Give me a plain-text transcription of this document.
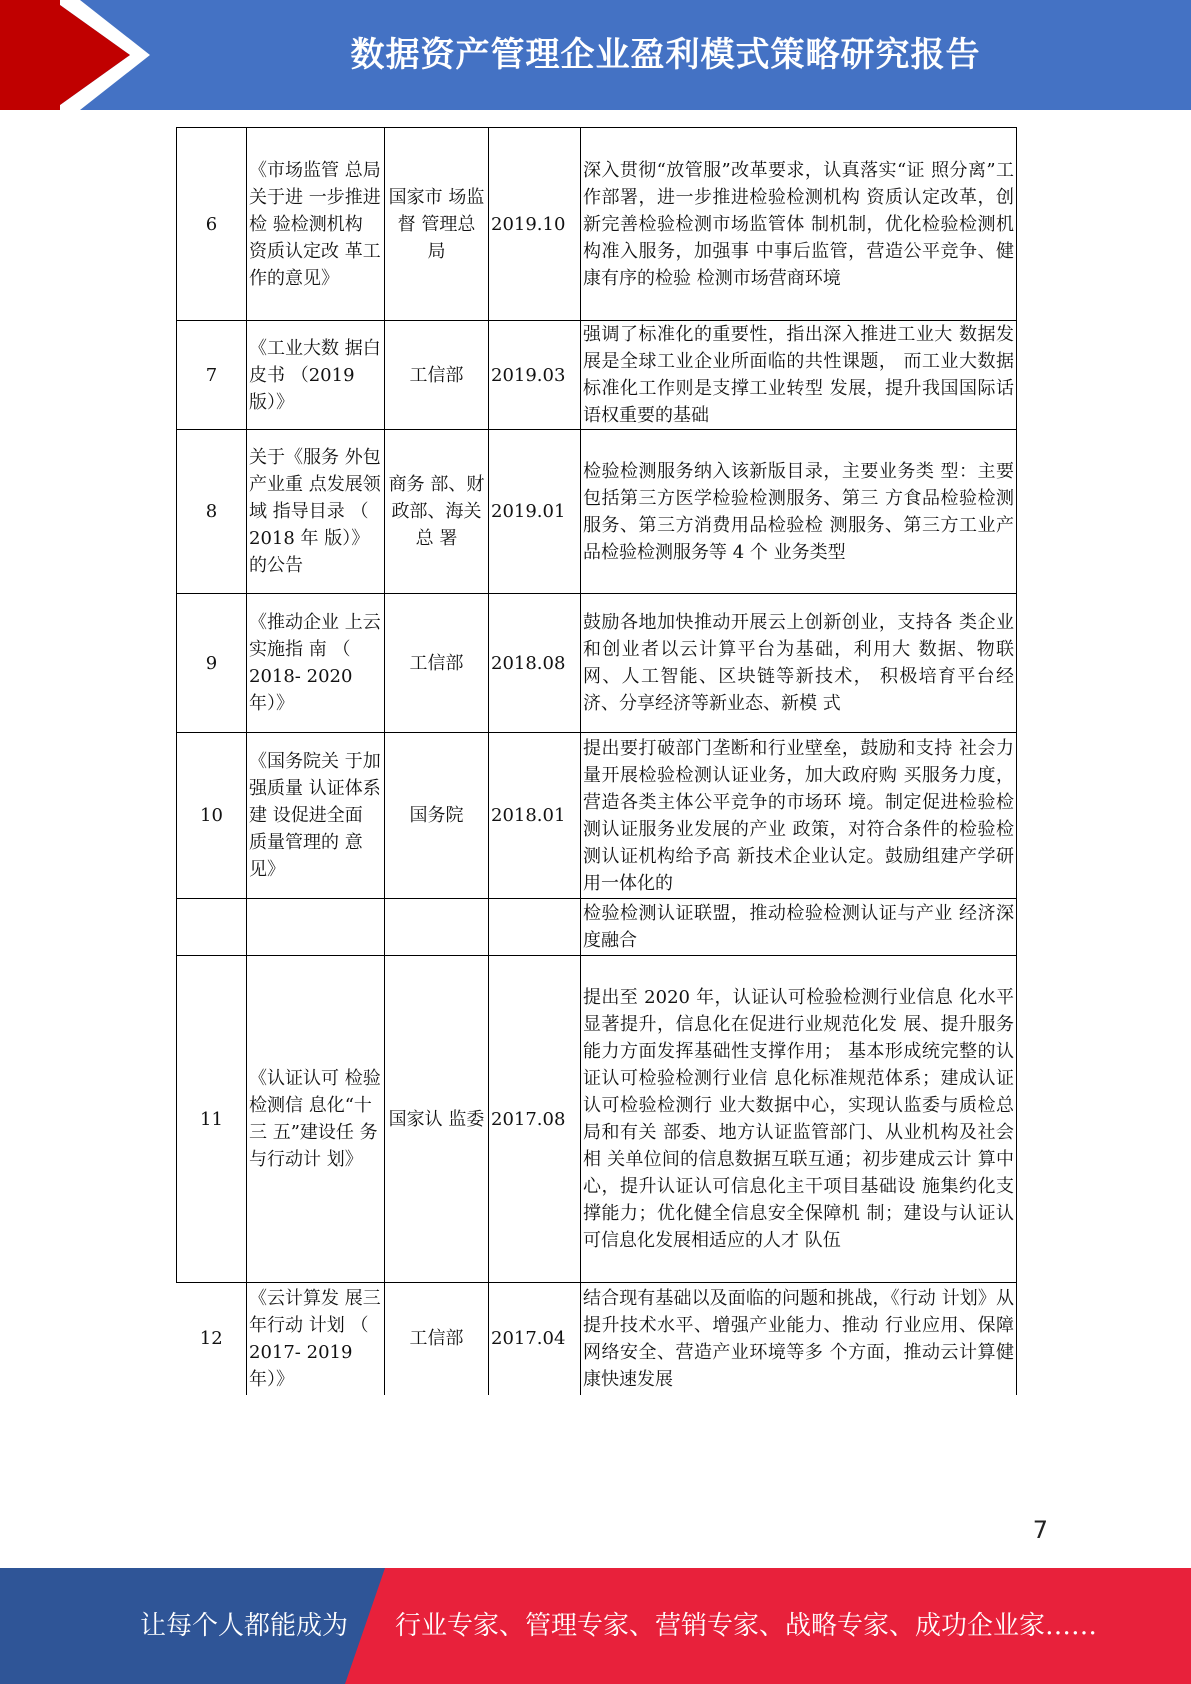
数据资产管理企业盈利模式策略研究报告
6	《市场监管 总局关于进 一步推进检 验检测机构 资质认定改 革工作的意见》	国家市 场监督 管理总 局	2019.10	深入贯彻“放管服”改革要求，认真落实“证 照分离”工作部署，进一步推进检验检测机构 资质认定改革，创新完善检验检测市场监管体 制机制，优化检验检测机构准入服务，加强事 中事后监管，营造公平竞争、健康有序的检验 检测市场营商环境
7	《工业大数 据白皮书 （2019 版）》	工信部	2019.03	强调了标准化的重要性，指出深入推进工业大 数据发展是全球工业企业所面临的共性课题， 而工业大数据标准化工作则是支撑工业转型 发展，提升我国国际话语权重要的基础
8	关于《服务 外包产业重 点发展领域 指导目录 （ 2018 年 版）》的公告	商务 部、财 政部、海关总 署	2019.01	检验检测服务纳入该新版目录，主要业务类 型：主要包括第三方医学检验检测服务、第三 方食品检验检测服务、第三方消费用品检验检 测服务、第三方工业产品检验检测服务等 4 个 业务类型
9	《推动企业 上云实施指 南 （ 2018- 2020 年）》	工信部	2018.08	鼓励各地加快推动开展云上创新创业，支持各 类企业和创业者以云计算平台为基础，利用大 数据、物联网、人工智能、区块链等新技术， 积极培育平台经济、分享经济等新业态、新模 式
10	《国务院关 于加强质量 认证体系建 设促进全面 质量管理的 意见》	国务院	2018.01	提出要打破部门垄断和行业壁垒，鼓励和支持 社会力量开展检验检测认证业务，加大政府购 买服务力度，营造各类主体公平竞争的市场环 境。制定促进检验检测认证服务业发展的产业 政策，对符合条件的检验检测认证机构给予高 新技术企业认定。鼓励组建产学研用一体化的
				检验检测认证联盟，推动检验检测认证与产业 经济深度融合
11	《认证认可 检验检测信 息化“十三 五”建设任 务与行动计 划》	国家认 监委	2017.08	提出至 2020 年，认证认可检验检测行业信息 化水平显著提升，信息化在促进行业规范化发 展、提升服务能力方面发挥基础性支撑作用； 基本形成统完整的认证认可检验检测行业信 息化标准规范体系；建成认证认可检验检测行 业大数据中心，实现认监委与质检总局和有关 部委、地方认证监管部门、从业机构及社会相 关单位间的信息数据互联互通；初步建成云计 算中心，提升认证认可信息化主干项目基础设 施集约化支撑能力；优化健全信息安全保障机 制；建设与认证认可信息化发展相适应的人才 队伍
12	《云计算发 展三年行动 计划 （ 2017- 2019 年）》	工信部	2017.04	结合现有基础以及面临的问题和挑战，《行动 计划》从提升技术水平、增强产业能力、推动 行业应用、保障网络安全、营造产业环境等多 个方面，推动云计算健康快速发展
7
让每个人都能成为 行业专家、管理专家、营销专家、战略专家、成功企业家……
